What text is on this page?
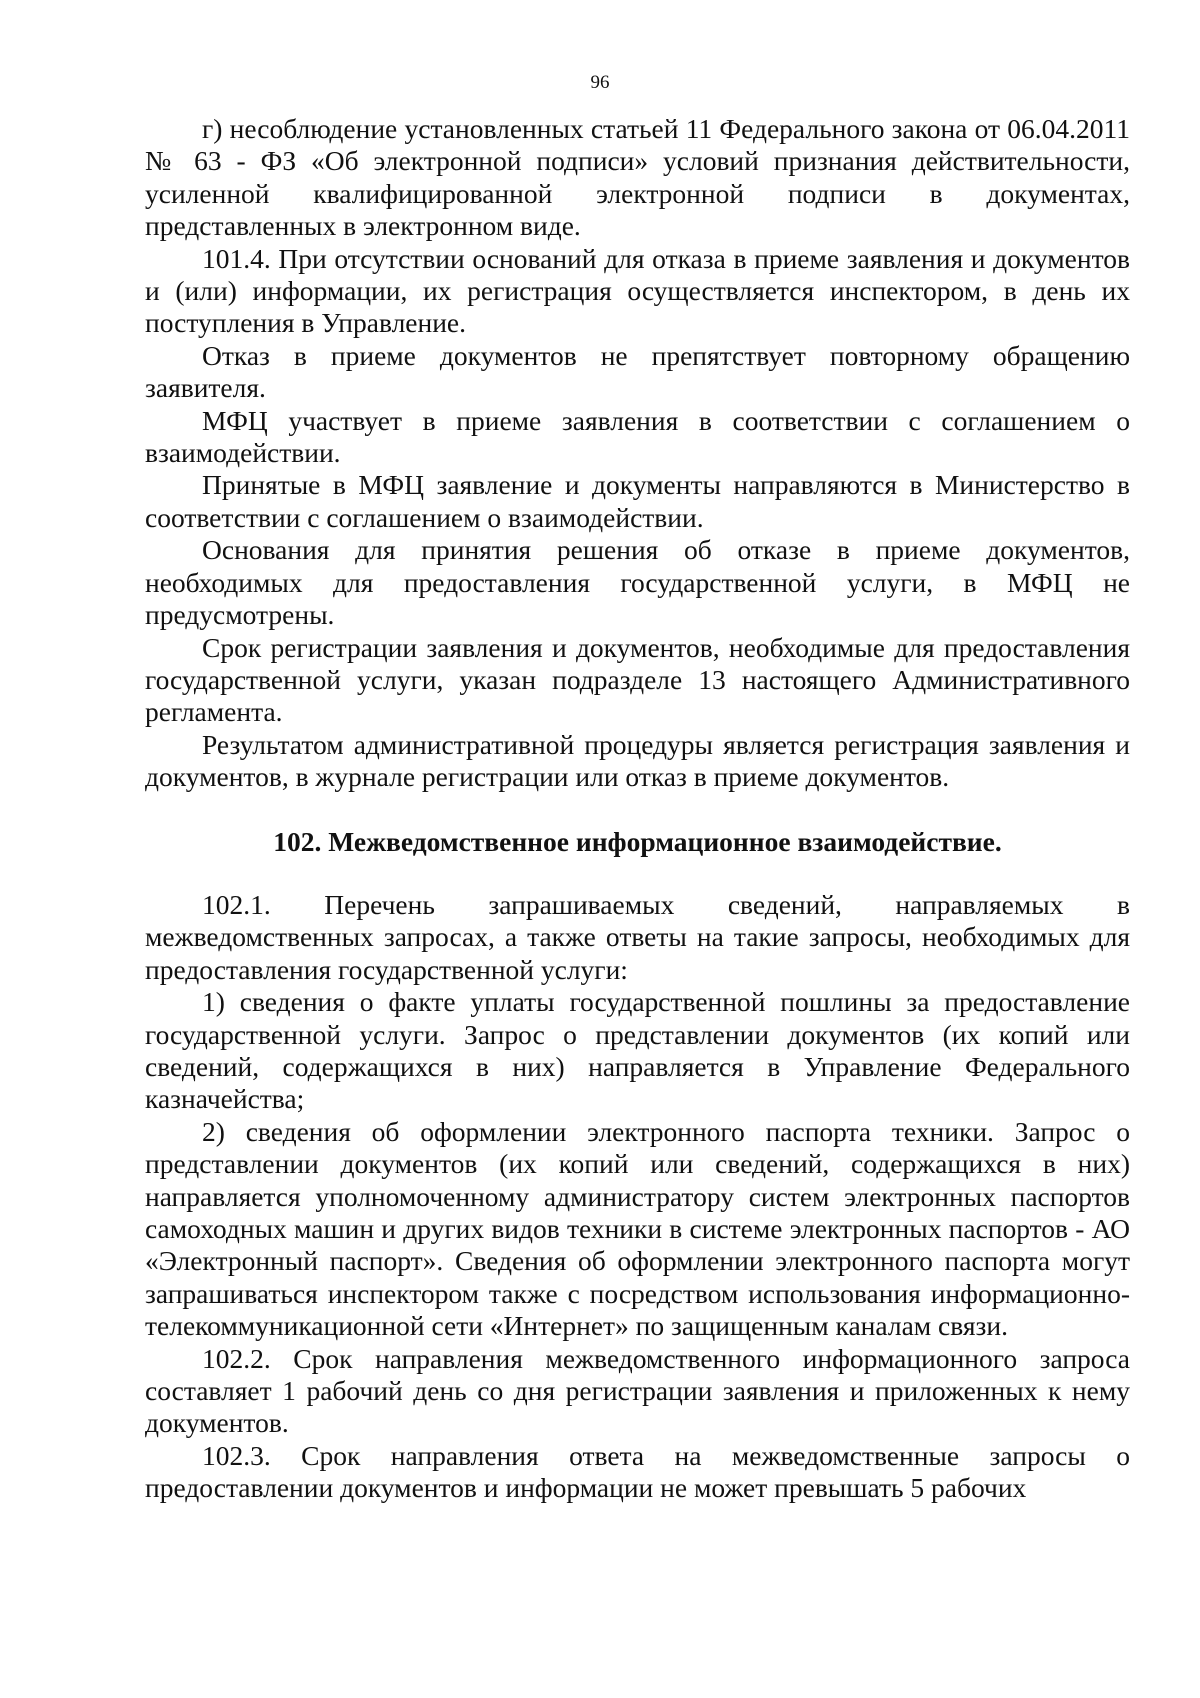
96

г) несоблюдение установленных статьей 11 Федерального закона от 06.04.2011 № 63 - ФЗ «Об электронной подписи» условий признания действительности, усиленной квалифицированной электронной подписи в документах, представленных в электронном виде.

101.4. При отсутствии оснований для отказа в приеме заявления и документов и (или) информации, их регистрация осуществляется инспектором, в день их поступления в Управление.

Отказ в приеме документов не препятствует повторному обращению заявителя.

МФЦ участвует в приеме заявления в соответствии с соглашением о взаимодействии.

Принятые в МФЦ заявление и документы направляются в Министерство в соответствии с соглашением о взаимодействии.

Основания для принятия решения об отказе в приеме документов, необходимых для предоставления государственной услуги, в МФЦ не предусмотрены.

Срок регистрации заявления и документов, необходимые для предоставления государственной услуги, указан подразделе 13 настоящего Административного регламента.

Результатом административной процедуры является регистрация заявления и документов, в журнале регистрации или отказ в приеме документов.

102. Межведомственное информационное взаимодействие.

102.1. Перечень запрашиваемых сведений, направляемых в межведомственных запросах, а также ответы на такие запросы, необходимых для предоставления государственной услуги:

1) сведения о факте уплаты государственной пошлины за предоставление государственной услуги. Запрос о представлении документов (их копий или сведений, содержащихся в них) направляется в Управление Федерального казначейства;

2) сведения об оформлении электронного паспорта техники. Запрос о представлении документов (их копий или сведений, содержащихся в них) направляется уполномоченному администратору систем электронных паспортов самоходных машин и других видов техники в системе электронных паспортов - АО «Электронный паспорт». Сведения об оформлении электронного паспорта могут запрашиваться инспектором также с посредством использования информационно-телекоммуникационной сети «Интернет» по защищенным каналам связи.

102.2. Срок направления межведомственного информационного запроса составляет 1 рабочий день со дня регистрации заявления и приложенных к нему документов.

102.3. Срок направления ответа на межведомственные запросы о предоставлении документов и информации не может превышать 5 рабочих
